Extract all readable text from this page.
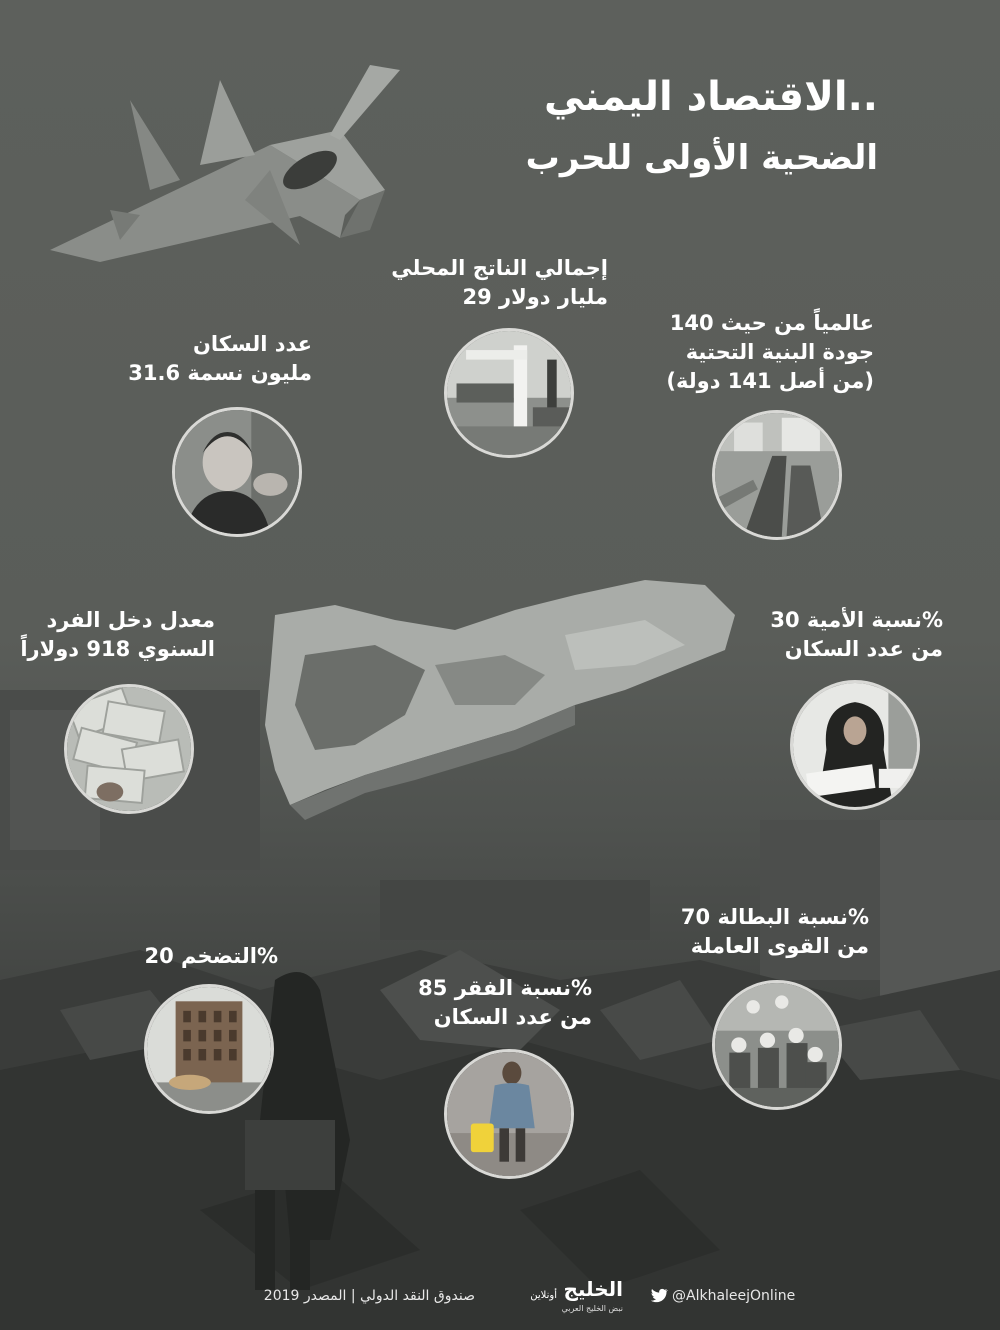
الاقتصاد اليمني..
الضحية الأولى للحرب
إجمالي الناتج المحلي
29 مليار دولار
عدد السكان
31.6 مليون نسمة
140 عالمياً من حيث
جودة البنية التحتية
(من أصل 141 دولة)
معدل دخل الفرد
السنوي 918 دولاراً
نسبة الأمية 30%
من عدد السكان
نسبة البطالة 70%
من القوى العاملة
التضخم 20%
نسبة الفقر 85%
من عدد السكان
2019 صندوق النقد الدولي | المصدر	الخليج
أونلاين
نبض الخليج العربي
@AlkhaleejOnline
